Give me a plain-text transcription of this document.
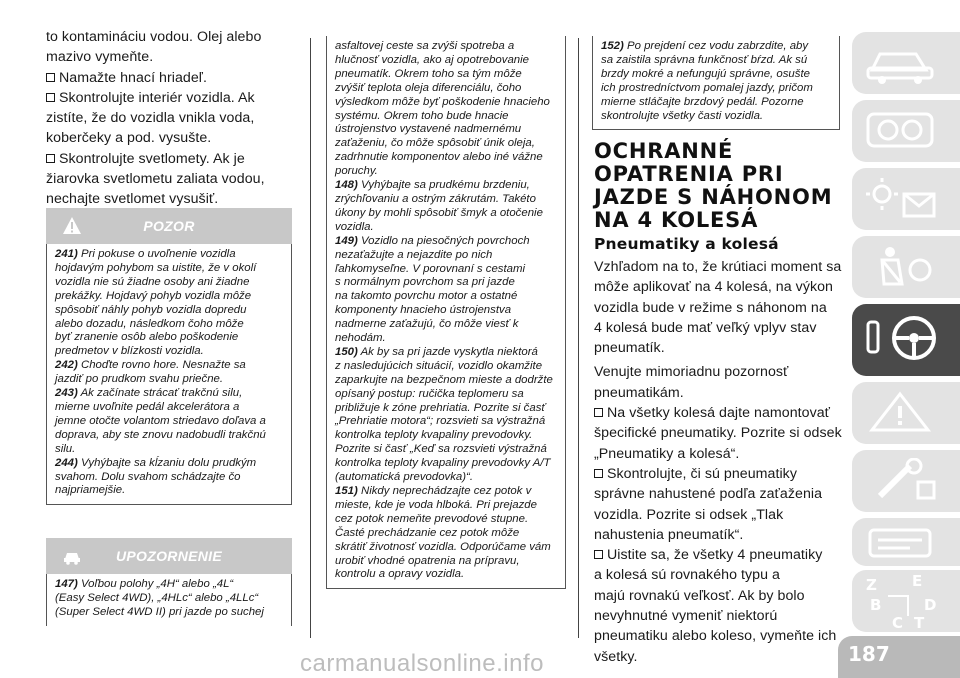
to kontamináciu vodou. Olej alebo
mazivo vymeňte.
Namažte hnací hriadeľ.
Skontrolujte interiér vozidla. Ak
zistíte, že do vozidla vnikla voda,
koberčeky a pod. vysušte.
Skontrolujte svetlomety. Ak je
žiarovka svetlometu zaliata vodou,
nechajte svetlomet vysušiť.
POZOR
241) Pri pokuse o uvoľnenie vozidla
hojdavým pohybom sa uistite, že v okolí
vozidla nie sú žiadne osoby ani žiadne
prekážky. Hojdavý pohyb vozidla môže
spôsobiť náhly pohyb vozidla dopredu
alebo dozadu, následkom čoho môže
byť zranenie osôb alebo poškodenie
predmetov v blízkosti vozidla.
242) Choďte rovno hore. Nesnažte sa
jazdiť po prudkom svahu priečne.
243) Ak začínate strácať trakčnú silu,
mierne uvoľnite pedál akcelerátora a
jemne otočte volantom striedavo doľava a
doprava, aby ste znovu nadobudli trakčnú
silu.
244) Vyhýbajte sa kĺzaniu dolu prudkým
svahom. Dolu svahom schádzajte čo
najpriamejšie.
UPOZORNENIE
147) Voľbou polohy „4H“ alebo „4L“
(Easy Select 4WD), „4HLc“ alebo „4LLc“
(Super Select 4WD II) pri jazde po suchej
asfaltovej ceste sa zvýši spotreba a
hlučnosť vozidla, ako aj opotrebovanie
pneumatík. Okrem toho sa tým môže
zvýšiť teplota oleja diferenciálu, čoho
výsledkom môže byť poškodenie hnacieho
systému. Okrem toho bude hnacie
ústrojenstvo vystavené nadmernému
zaťaženiu, čo môže spôsobiť únik oleja,
zadrhnutie komponentov alebo iné vážne
poruchy.
148) Vyhýbajte sa prudkému brzdeniu,
zrýchľovaniu a ostrým zákrutám. Takéto
úkony by mohli spôsobiť šmyk a otočenie
vozidla.
149) Vozidlo na piesočných povrchoch
nezaťažujte a nejazdite po nich
ľahkomyseľne. V porovnaní s cestami
s normálnym povrchom sa pri jazde
na takomto povrchu motor a ostatné
komponenty hnacieho ústrojenstva
nadmerne zaťažujú, čo môže viesť k
nehodám.
150) Ak by sa pri jazde vyskytla niektorá
z nasledujúcich situácií, vozidlo okamžite
zaparkujte na bezpečnom mieste a dodržte
opísaný postup: ručička teplomeru sa
približuje k zóne prehriatia. Pozrite si časť
„Prehriatie motora“; rozsvieti sa výstražná
kontrolka teploty kvapaliny prevodovky.
Pozrite si časť „Keď sa rozsvieti výstražná
kontrolka teploty kvapaliny prevodovky A/T
(automatická prevodovka)“.
151) Nikdy neprechádzajte cez potok v
mieste, kde je voda hlboká. Pri prejazde
cez potok nemeňte prevodové stupne.
Časté prechádzanie cez potok môže
skrátiť životnosť vozidla. Odporúčame vám
urobiť vhodné opatrenia na prípravu,
kontrolu a opravy vozidla.
152) Po prejdení cez vodu zabrzdite, aby
sa zaistila správna funkčnosť bŕzd. Ak sú
brzdy mokré a nefungujú správne, osušte
ich prostredníctvom pomalej jazdy, pričom
mierne stláčajte brzdový pedál. Pozorne
skontrolujte všetky časti vozidla.
OCHRANNÉ
OPATRENIA PRI
JAZDE S NÁHONOM
NA 4 KOLESÁ
Pneumatiky a kolesá
Vzhľadom na to, že krútiaci moment sa
môže aplikovať na 4 kolesá, na výkon
vozidla bude v režime s náhonom na
4 kolesá bude mať veľký vplyv stav
pneumatík.
Venujte mimoriadnu pozornosť
pneumatikám.
Na všetky kolesá dajte namontovať
špecifické pneumatiky. Pozrite si odsek
„Pneumatiky a kolesá“.
Skontrolujte, či sú pneumatiky
správne nahustené podľa zaťaženia
vozidla. Pozrite si odsek „Tlak
nahustenia pneumatík“.
Uistite sa, že všetky 4 pneumatiky
a kolesá sú rovnakého typu a
majú rovnakú veľkosť. Ak by bolo
nevyhnutné vymeniť niektorú
pneumatiku alebo koleso, vymeňte ich
všetky.
Z E
B	D
C T
187
carmanualsonline.info
